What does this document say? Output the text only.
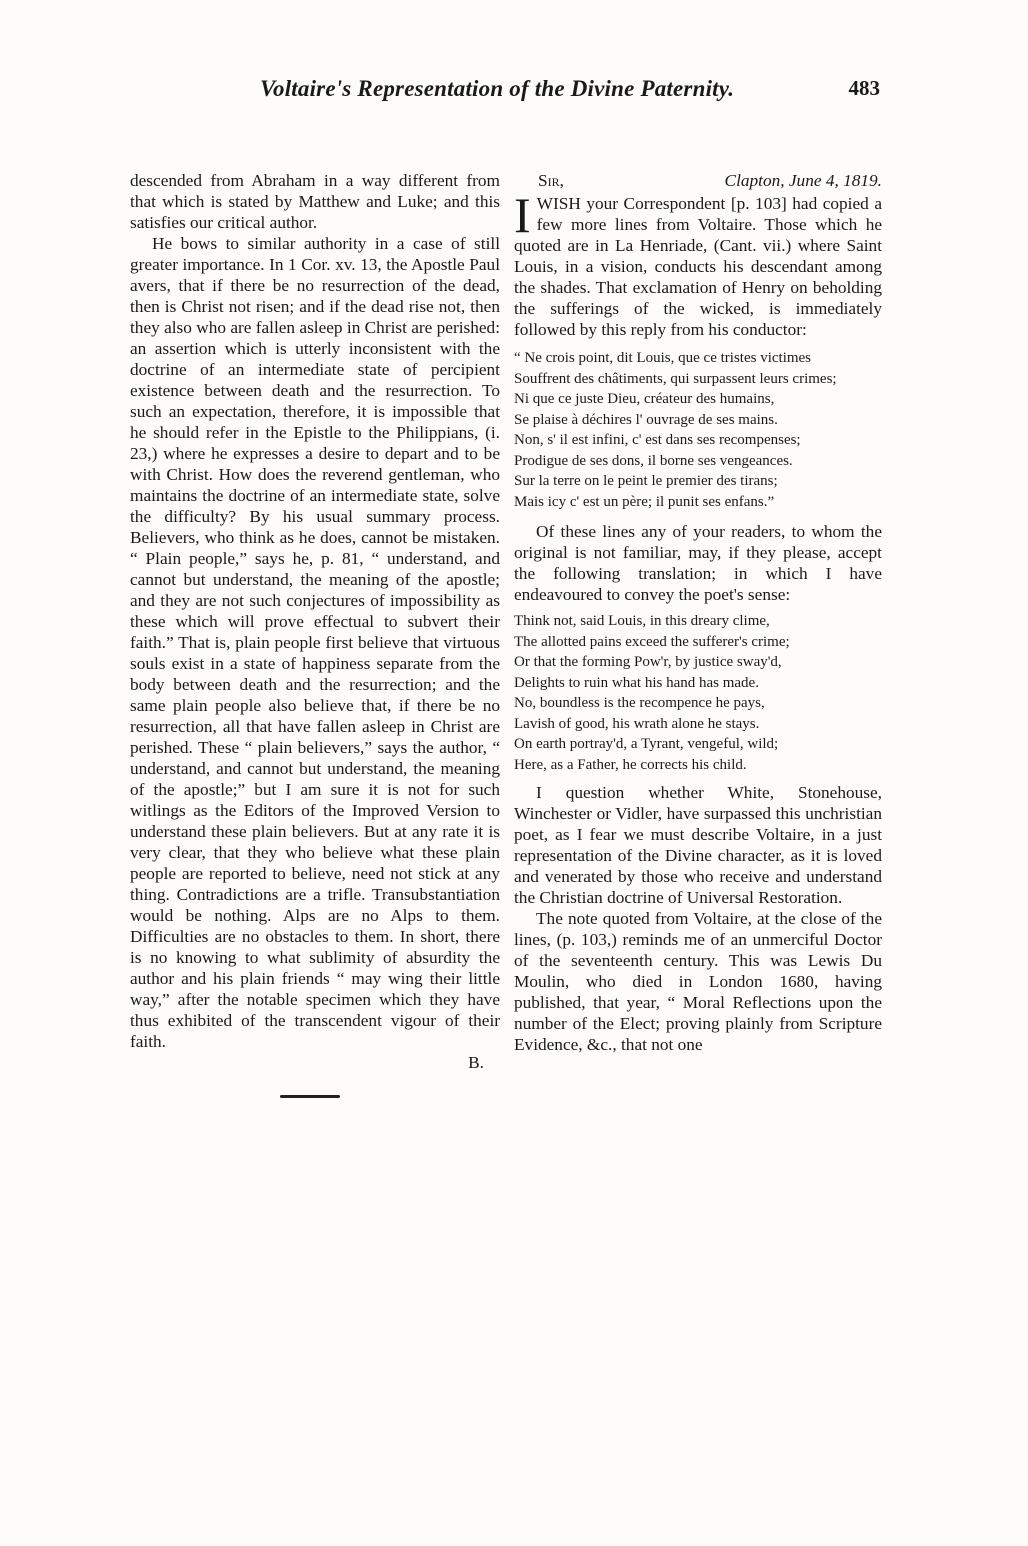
Voltaire's Representation of the Divine Paternity.	483

descended from Abraham in a way different from that which is stated by Matthew and Luke; and this satisfies our critical author.

He bows to similar authority in a case of still greater importance. In 1 Cor. xv. 13, the Apostle Paul avers, that if there be no resurrection of the dead, then is Christ not risen; and if the dead rise not, then they also who are fallen asleep in Christ are perished: an assertion which is utterly inconsistent with the doctrine of an intermediate state of percipient existence between death and the resurrection. To such an expectation, therefore, it is impossible that he should refer in the Epistle to the Philippians, (i. 23,) where he expresses a desire to depart and to be with Christ. How does the reverend gentleman, who maintains the doctrine of an intermediate state, solve the difficulty? By his usual summary process. Believers, who think as he does, cannot be mistaken. “ Plain people,” says he, p. 81, “ understand, and cannot but understand, the meaning of the apostle; and they are not such conjectures of impossibility as these which will prove effectual to subvert their faith.” That is, plain people first believe that virtuous souls exist in a state of happiness separate from the body between death and the resurrection; and the same plain people also believe that, if there be no resurrection, all that have fallen asleep in Christ are perished. These “ plain believers,” says the author, “ understand, and cannot but understand, the meaning of the apostle;” but I am sure it is not for such witlings as the Editors of the Improved Version to understand these plain believers. But at any rate it is very clear, that they who believe what these plain people are reported to believe, need not stick at any thing. Contradictions are a trifle. Transubstantiation would be nothing. Alps are no Alps to them. Difficulties are no obstacles to them. In short, there is no knowing to what sublimity of absurdity the author and his plain friends “ may wing their little way,” after the notable specimen which they have thus exhibited of the transcendent vigour of their faith.

B.

Sir,	Clapton, June 4, 1819.

IWISH your Correspondent [p. 103] had copied a few more lines from Voltaire. Those which he quoted are in La Henriade, (Cant. vii.) where Saint Louis, in a vision, conducts his descendant among the shades. That exclamation of Henry on beholding the sufferings of the wicked, is immediately followed by this reply from his conductor:

“ Ne crois point, dit Louis, que ce tristes victimes
Souffrent des châtiments, qui surpassent leurs crimes;
Ni que ce juste Dieu, créateur des humains,
Se plaise à déchires l' ouvrage de ses mains.
Non, s' il est infini, c' est dans ses recompenses;
Prodigue de ses dons, il borne ses vengeances.
Sur la terre on le peint le premier des tirans;
Mais icy c' est un père; il punit ses enfans.”

Of these lines any of your readers, to whom the original is not familiar, may, if they please, accept the following translation; in which I have endeavoured to convey the poet's sense:

Think not, said Louis, in this dreary clime,
The allotted pains exceed the sufferer's crime;
Or that the forming Pow'r, by justice sway'd,
Delights to ruin what his hand has made.
No, boundless is the recompence he pays,
Lavish of good, his wrath alone he stays.
On earth portray'd, a Tyrant, vengeful, wild;
Here, as a Father, he corrects his child.

I question whether White, Stonehouse, Winchester or Vidler, have surpassed this unchristian poet, as I fear we must describe Voltaire, in a just representation of the Divine character, as it is loved and venerated by those who receive and understand the Christian doctrine of Universal Restoration.

The note quoted from Voltaire, at the close of the lines, (p. 103,) reminds me of an unmerciful Doctor of the seventeenth century. This was Lewis Du Moulin, who died in London 1680, having published, that year, “ Moral Reflections upon the number of the Elect; proving plainly from Scripture Evidence, &c., that not one
